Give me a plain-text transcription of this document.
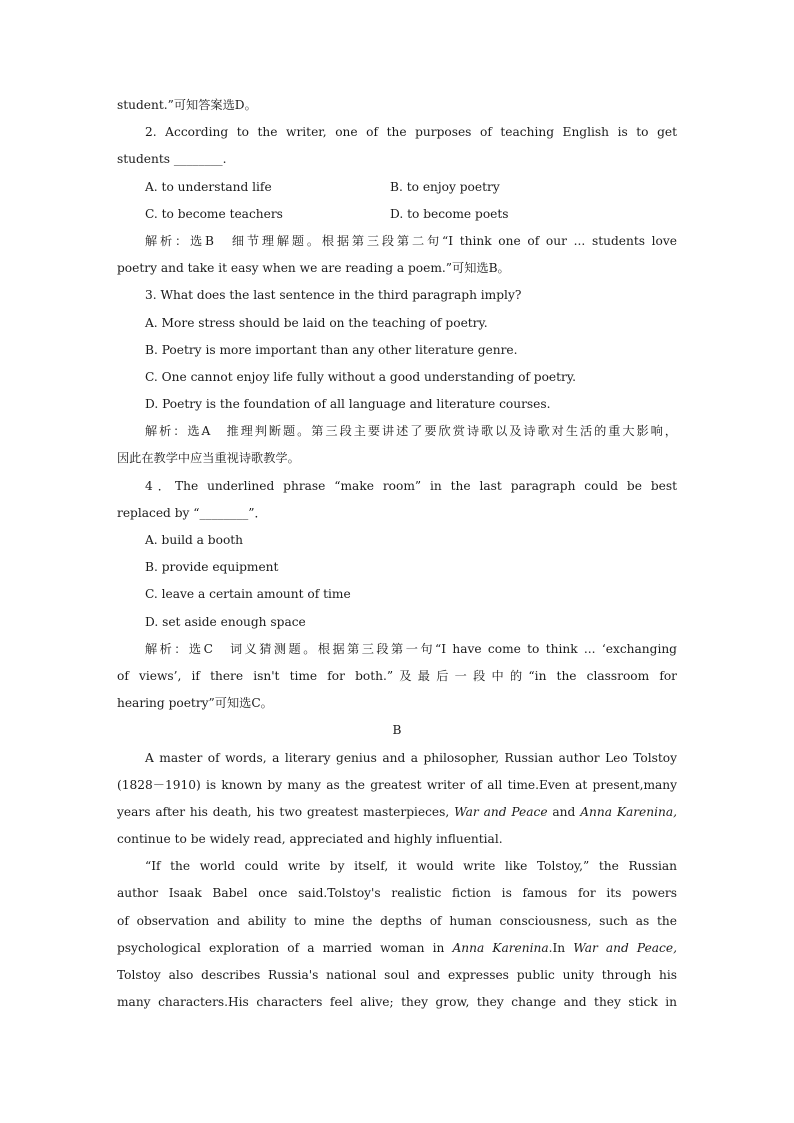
student.”可知答案选D。
2. According to the writer, one of the purposes of teaching English is to get
students ________.
A. to understand life	B. to enjoy poetry
C. to become teachers	D. to become poets
解析：选B　细节理解题。根据第三段第二句“I think one of our ... students love
poetry and take it easy when we are reading a poem.”可知选B。
3. What does the last sentence in the third paragraph imply?
A. More stress should be laid on the teaching of poetry.
B. Poetry is more important than any other literature genre.
C. One cannot enjoy life fully without a good understanding of poetry.
D. Poetry is the foundation of all language and literature courses.
解析：选A　推理判断题。第三段主要讲述了要欣赏诗歌以及诗歌对生活的重大影响，
因此在教学中应当重视诗歌教学。
4．The underlined phrase “make room” in the last paragraph could be best
replaced by “________”．
A. build a booth
B. provide equipment
C. leave a certain amount of time
D. set aside enough space
解析：选C　词义猜测题。根据第三段第一句“I have come to think ... ‘exchanging
of views’, if there isn't time for both.”及最后一段中的“in the classroom for
hearing poetry”可知选C。
B
A master of words, a literary genius and a philosopher, Russian author Leo Tolstoy
(1828－1910) is known by many as the greatest writer of all time.Even at present,many
years after his death, his two greatest masterpieces, War and Peace and Anna Karenina,
continue to be widely read, appreciated and highly influential.
“If the world could write by itself, it would write like Tolstoy,” the Russian
author Isaak Babel once said.Tolstoy's realistic fiction is famous for its powers
of observation and ability to mine the depths of human consciousness, such as the
psychological exploration of a married woman in Anna Karenina.In War and Peace,
Tolstoy also describes Russia's national soul and expresses public unity through his
many characters.His characters feel alive; they grow, they change and they stick in
